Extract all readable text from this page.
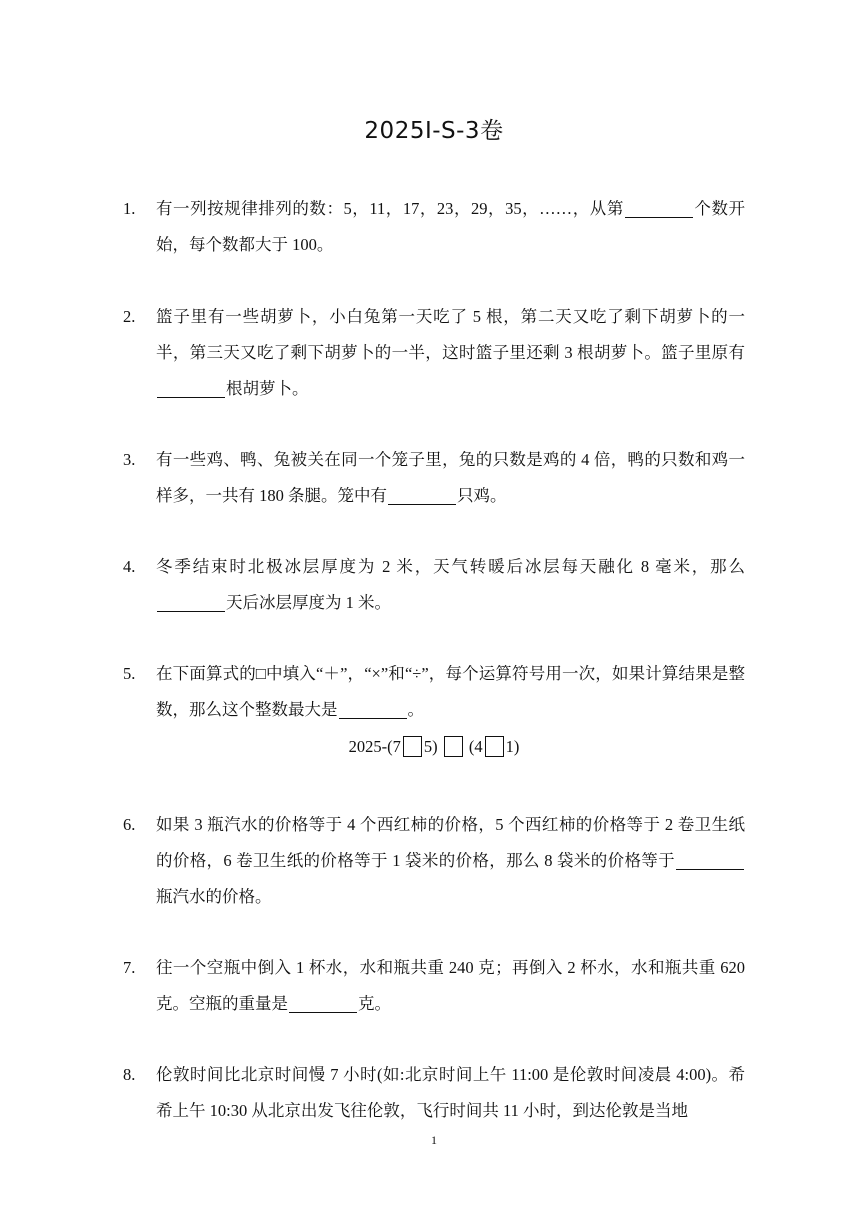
2025I-S-3卷
1. 有一列按规律排列的数：5，11，17，23，29，35，……，从第	个数开始，每个数都大于 100。
2. 篮子里有一些胡萝卜，小白兔第一天吃了 5 根，第二天又吃了剩下胡萝卜的一半，第三天又吃了剩下胡萝卜的一半，这时篮子里还剩 3 根胡萝卜。篮子里原有根胡萝卜。
3. 有一些鸡、鸭、兔被关在同一个笼子里，兔的只数是鸡的 4 倍，鸭的只数和鸡一样多，一共有 180 条腿。笼中有	只鸡。
4. 冬季结束时北极冰层厚度为 2 米，天气转暖后冰层每天融化 8 毫米，那么天后冰层厚度为 1 米。
5. 在下面算式的□中填入“＋”，“×”和“÷”，每个运算符号用一次，如果计算结果是整数，那么这个整数最大是	。
2025-(7 5) (4 1)
6. 如果 3 瓶汽水的价格等于 4 个西红柿的价格，5 个西红柿的价格等于 2 卷卫生纸的价格，6 卷卫生纸的价格等于 1 袋米的价格，那么 8 袋米的价格等于瓶汽水的价格。
7. 往一个空瓶中倒入 1 杯水，水和瓶共重 240 克；再倒入 2 杯水，水和瓶共重 620 克。空瓶的重量是	克。
8. 伦敦时间比北京时间慢 7 小时(如:北京时间上午 11:00 是伦敦时间凌晨 4:00)。希希上午 10:30 从北京出发飞往伦敦，飞行时间共 11 小时，到达伦敦是当地
1
